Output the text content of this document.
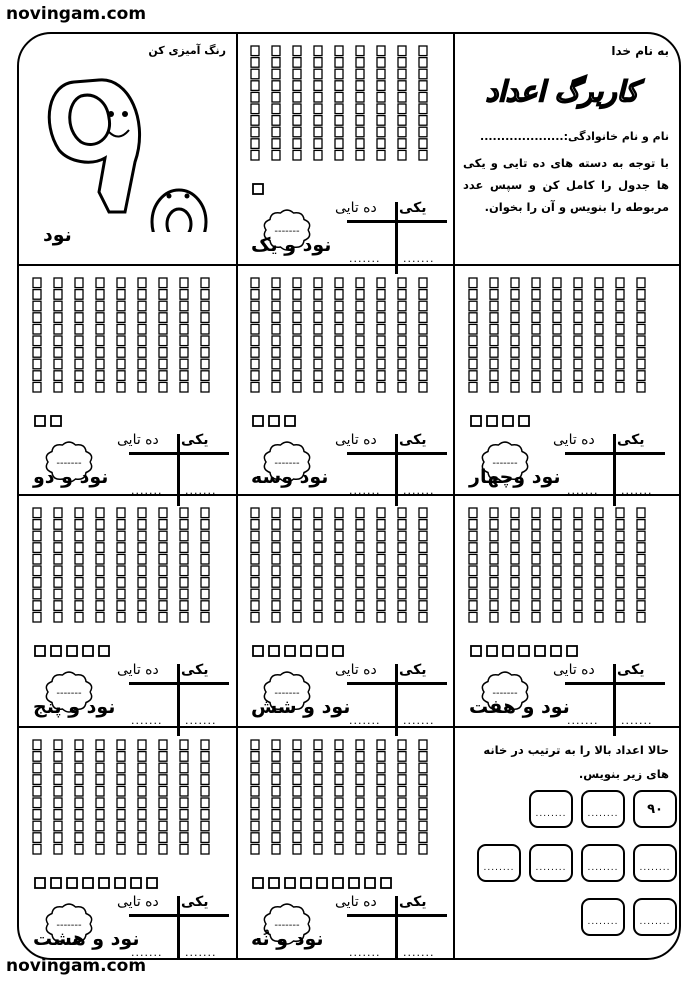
novingam.com
به نام خدا
کاربرگ اعداد
نام و نام خانوادگی:....................
با توجه به دسته های ده تایی و یکی ها جدول را کامل کن و سپس عدد مربوطه را بنویس و آن را بخوان.
رنگ آمیزی کن
نود	-------
یکی
ده تایی
.......
.......
نود و یک
-------
یکی
ده تایی
.......
.......
نود و دو
-------
یکی
ده تایی
.......
.......
نود وسه
-------
یکی
ده تایی
.......
.......
نود وچهار
-------
یکی
ده تایی
.......
.......
نود و پنج
-------
یکی
ده تایی
.......
.......
نود و شش
-------
یکی
ده تایی
.......
.......
نود و هفت
-------
یکی
ده تایی
.......
.......
نود و هشت
-------
یکی
ده تایی
.......
.......
نود و نُه
حالا اعداد بالا را به ترتیب در خانه های زیر بنویس.
۹۰
........
........
........
........
........
........
........
........
novingam.com
